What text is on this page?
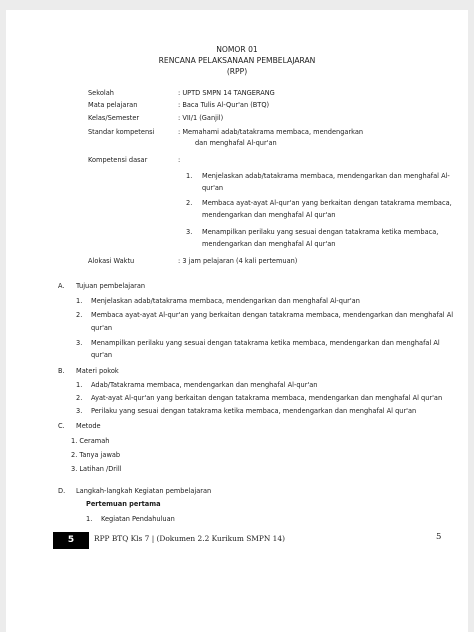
NOMOR 01
RENCANA PELAKSANAAN PEMBELAJARAN
(RPP)
Sekolah	: UPTD SMPN 14 TANGERANG
Mata pelajaran	: Baca Tulis Al-Qur'an (BTQ)
Kelas/Semester	: VII/1 (Ganjil)
Standar kompetensi	: Memahami adab/tatakrama membaca, mendengarkan
dan menghafal Al-qur'an
Kompetensi dasar	:
1. Menjelaskan adab/tatakrama membaca, mendengarkan dan menghafal Al-
qur'an
2. Membaca ayat-ayat Al-qur'an yang berkaitan dengan tatakrama membaca,
mendengarkan dan menghafal Al qur'an
3. Menampilkan perilaku yang sesuai dengan tatakrama ketika membaca,
mendengarkan dan menghafal Al qur'an
Alokasi Waktu	: 3 jam pelajaran (4 kali pertemuan)
A. Tujuan pembelajaran
1. Menjelaskan adab/tatakrama membaca, mendengarkan dan menghafal Al-qur'an
2. Membaca ayat-ayat Al-qur'an yang berkaitan dengan tatakrama membaca, mendengarkan dan menghafal Al
qur'an
3. Menampilkan perilaku yang sesuai dengan tatakrama ketika membaca, mendengarkan dan menghafal Al
qur'an
B. Materi pokok
1. Adab/Tatakrama membaca, mendengarkan dan menghafal Al-qur'an
2. Ayat-ayat Al-qur'an yang berkaitan dengan tatakrama membaca, mendengarkan dan menghafal Al qur'an
3. Perilaku yang sesuai dengan tatakrama ketika membaca, mendengarkan dan menghafal Al qur'an
C. Metode
1. Ceramah
2. Tanya jawab
3. Latihan /Drill
D. Langkah-langkah Kegiatan pembelajaran
Pertemuan pertama
1. Kegiatan Pendahuluan
5	RPP BTQ Kls 7 | (Dokumen 2.2 Kurikum SMPN 14)	5
